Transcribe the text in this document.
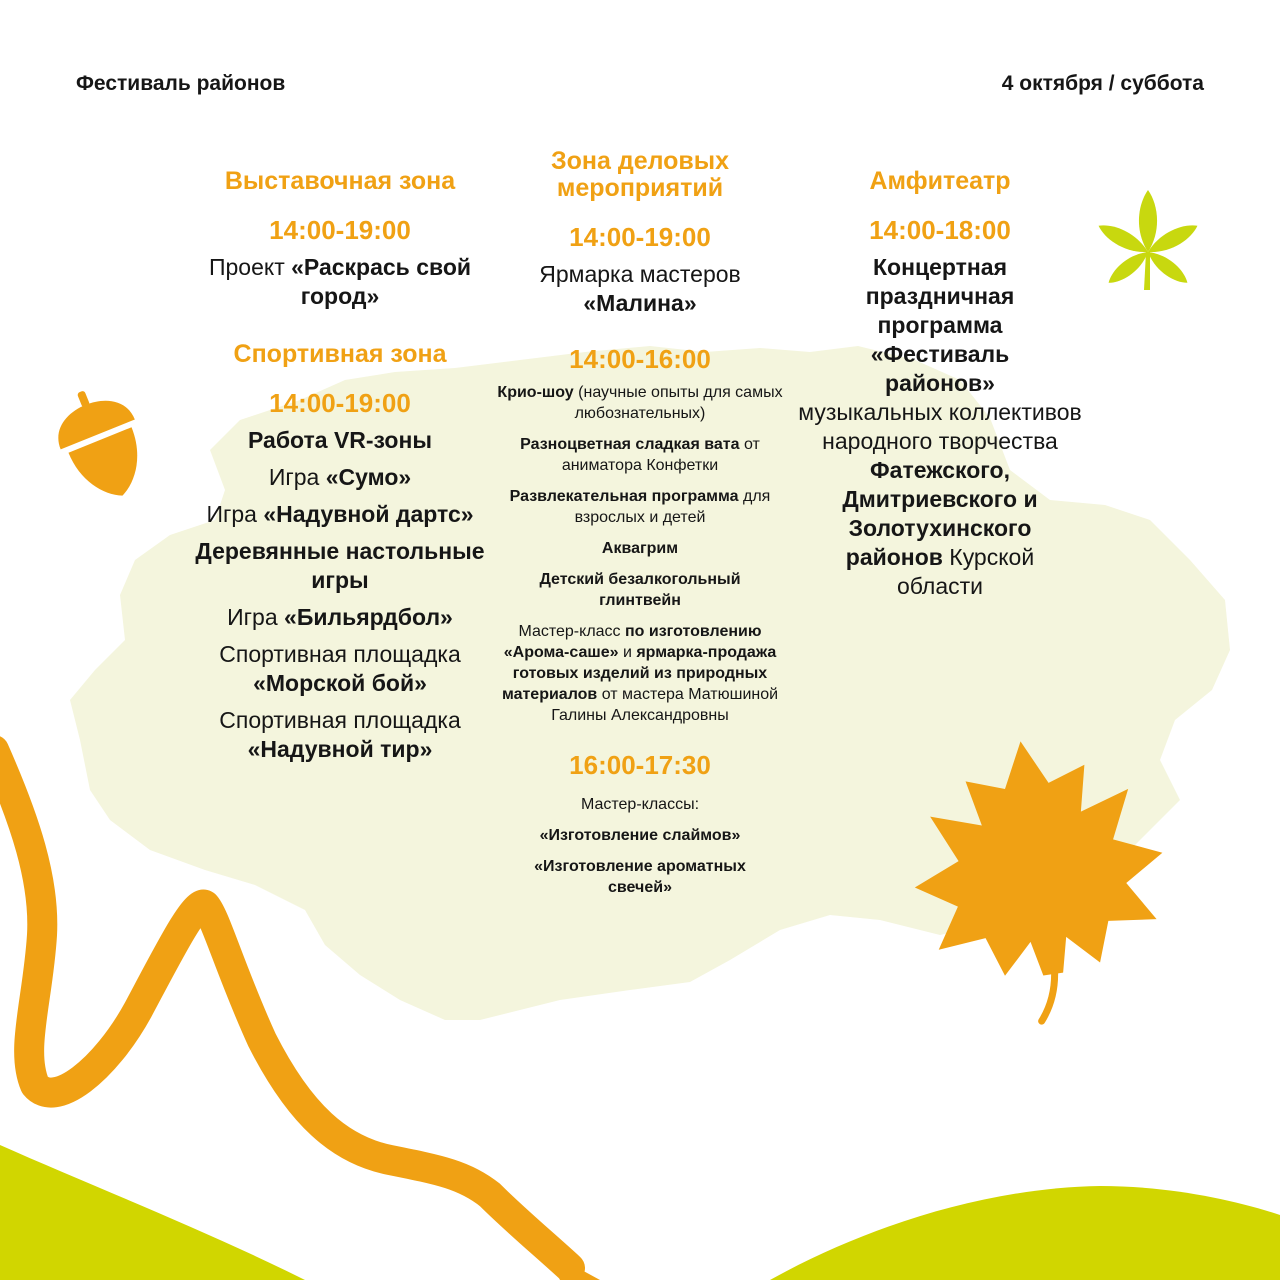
Фестиваль районов	4 октября / суббота
Выставочная зона
14:00-19:00
Проект «Раскрась свой город»
Спортивная зона
14:00-19:00
Работа VR-зоны
Игра «Сумо»
Игра «Надувной дартс»
Деревянные настольные игры
Игра «Бильярдбол»
Спортивная площадка «Морской бой»
Спортивная площадка «Надувной тир»
Зона деловых мероприятий
14:00-19:00
Ярмарка мастеров «Малина»
14:00-16:00
Крио-шоу (научные опыты для самых любознательных)
Разноцветная сладкая вата от аниматора Конфетки
Развлекательная программа для взрослых и детей
Аквагрим
Детский безалкогольный глинтвейн
Мастер-класс по изготовлению «Арома-саше» и ярмарка-продажа готовых изделий из природных материалов от мастера Матюшиной Галины Александровны
16:00-17:30
Мастер-классы:
«Изготовление слаймов»
«Изготовление ароматных свечей»
Амфитеатр
14:00-18:00
Концертная праздничная программа «Фестиваль районов»
музыкальных коллективов народного творчества
Фатежского, Дмитриевского и Золотухинского районов Курской области
